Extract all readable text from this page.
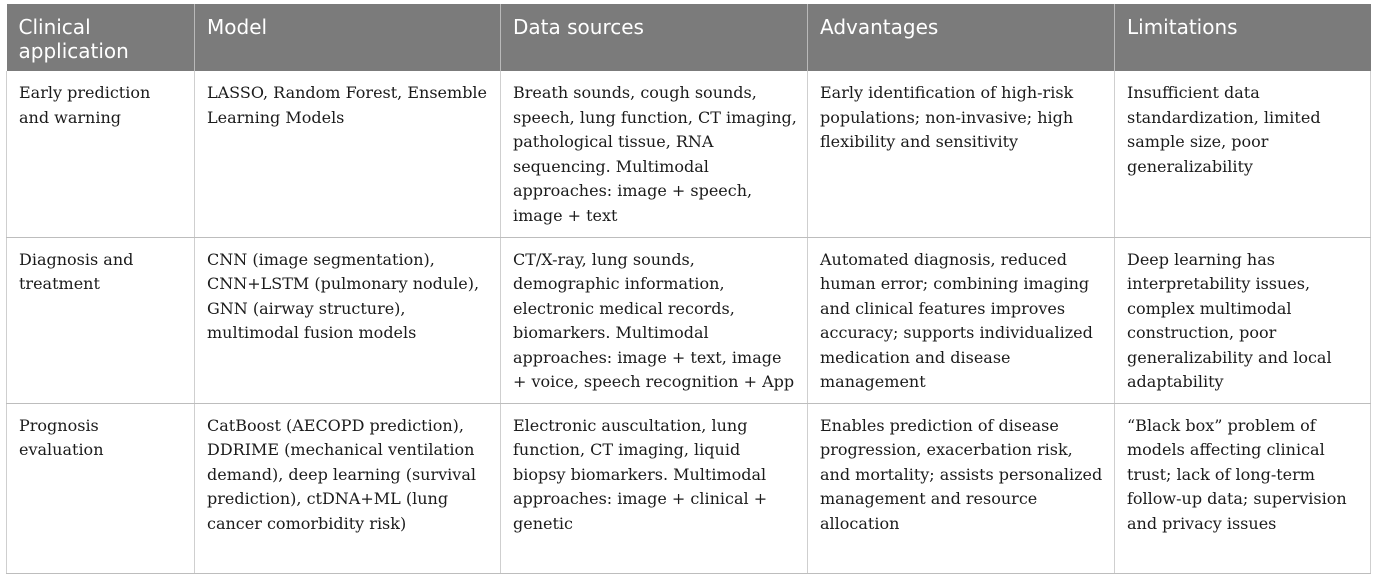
Clinical application	Model	Data sources	Advantages	Limitations
Early prediction and warning	LASSO, Random Forest, Ensemble Learning Models	Breath sounds, cough sounds, speech, lung function, CT imaging, pathological tissue, RNA sequencing. Multimodal approaches: image + speech, image + text	Early identification of high-risk populations; non-invasive; high flexibility and sensitivity	Insufficient data standardization, limited sample size, poor generalizability
Diagnosis and treatment	CNN (image segmentation), CNN+LSTM (pulmonary nodule), GNN (airway structure), multimodal fusion models	CT/X-ray, lung sounds, demographic information, electronic medical records, biomarkers. Multimodal approaches: image + text, image + voice, speech recognition + App	Automated diagnosis, reduced human error; combining imaging and clinical features improves accuracy; supports individualized medication and disease management	Deep learning has interpretability issues, complex multimodal construction, poor generalizability and local adaptability
Prognosis evaluation	CatBoost (AECOPD prediction), DDRIME (mechanical ventilation demand), deep learning (survival prediction), ctDNA+ML (lung cancer comorbidity risk)	Electronic auscultation, lung function, CT imaging, liquid biopsy biomarkers. Multimodal approaches: image + clinical + genetic	Enables prediction of disease progression, exacerbation risk, and mortality; assists personalized management and resource allocation	“Black box” problem of models affecting clinical trust; lack of long-term follow-up data; supervision and privacy issues
